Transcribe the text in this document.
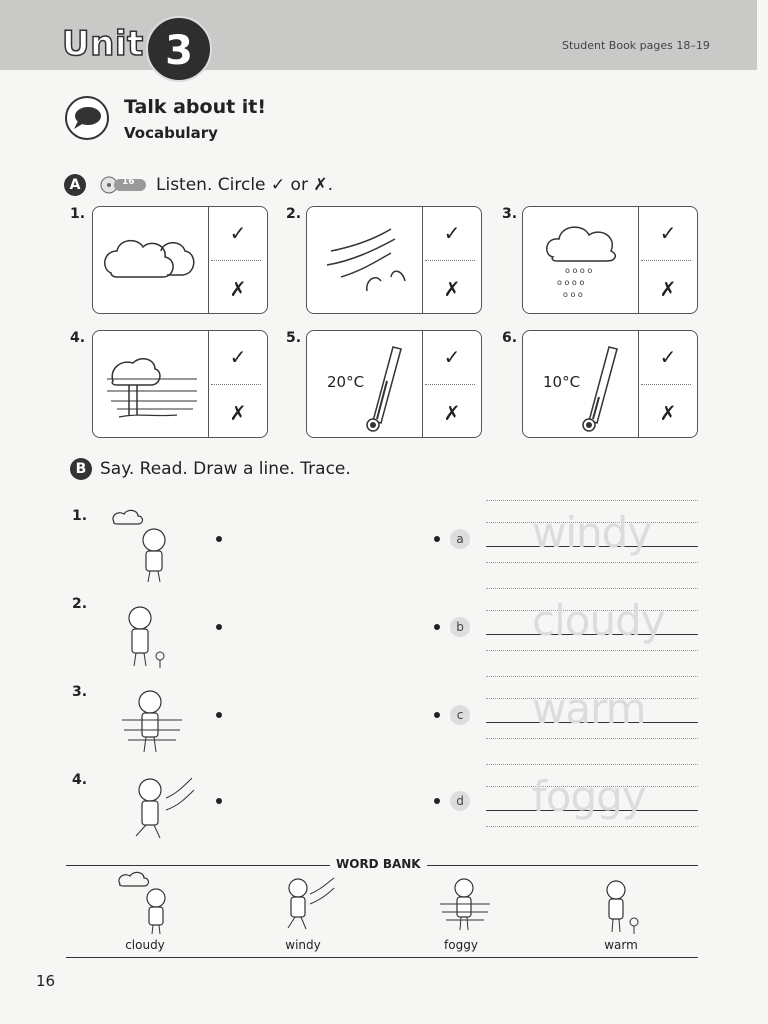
Unit 3	Student Book pages 18–19
Talk about it!
Vocabulary
A	16 Listen. Circle ✓ or ✗.
1.
✓
✗
2.
✓
✗
3.
o o o o
o o o o
o o o
✓
✗
4.
✓
✗
5.
20°C
✓
✗
6.
10°C
✓
✗
B Say. Read. Draw a line. Trace.
1.
a windy
2.
b cloudy
3.
c warm
4.
d foggy
WORD BANK
cloudy	windy	foggy	warm
16
